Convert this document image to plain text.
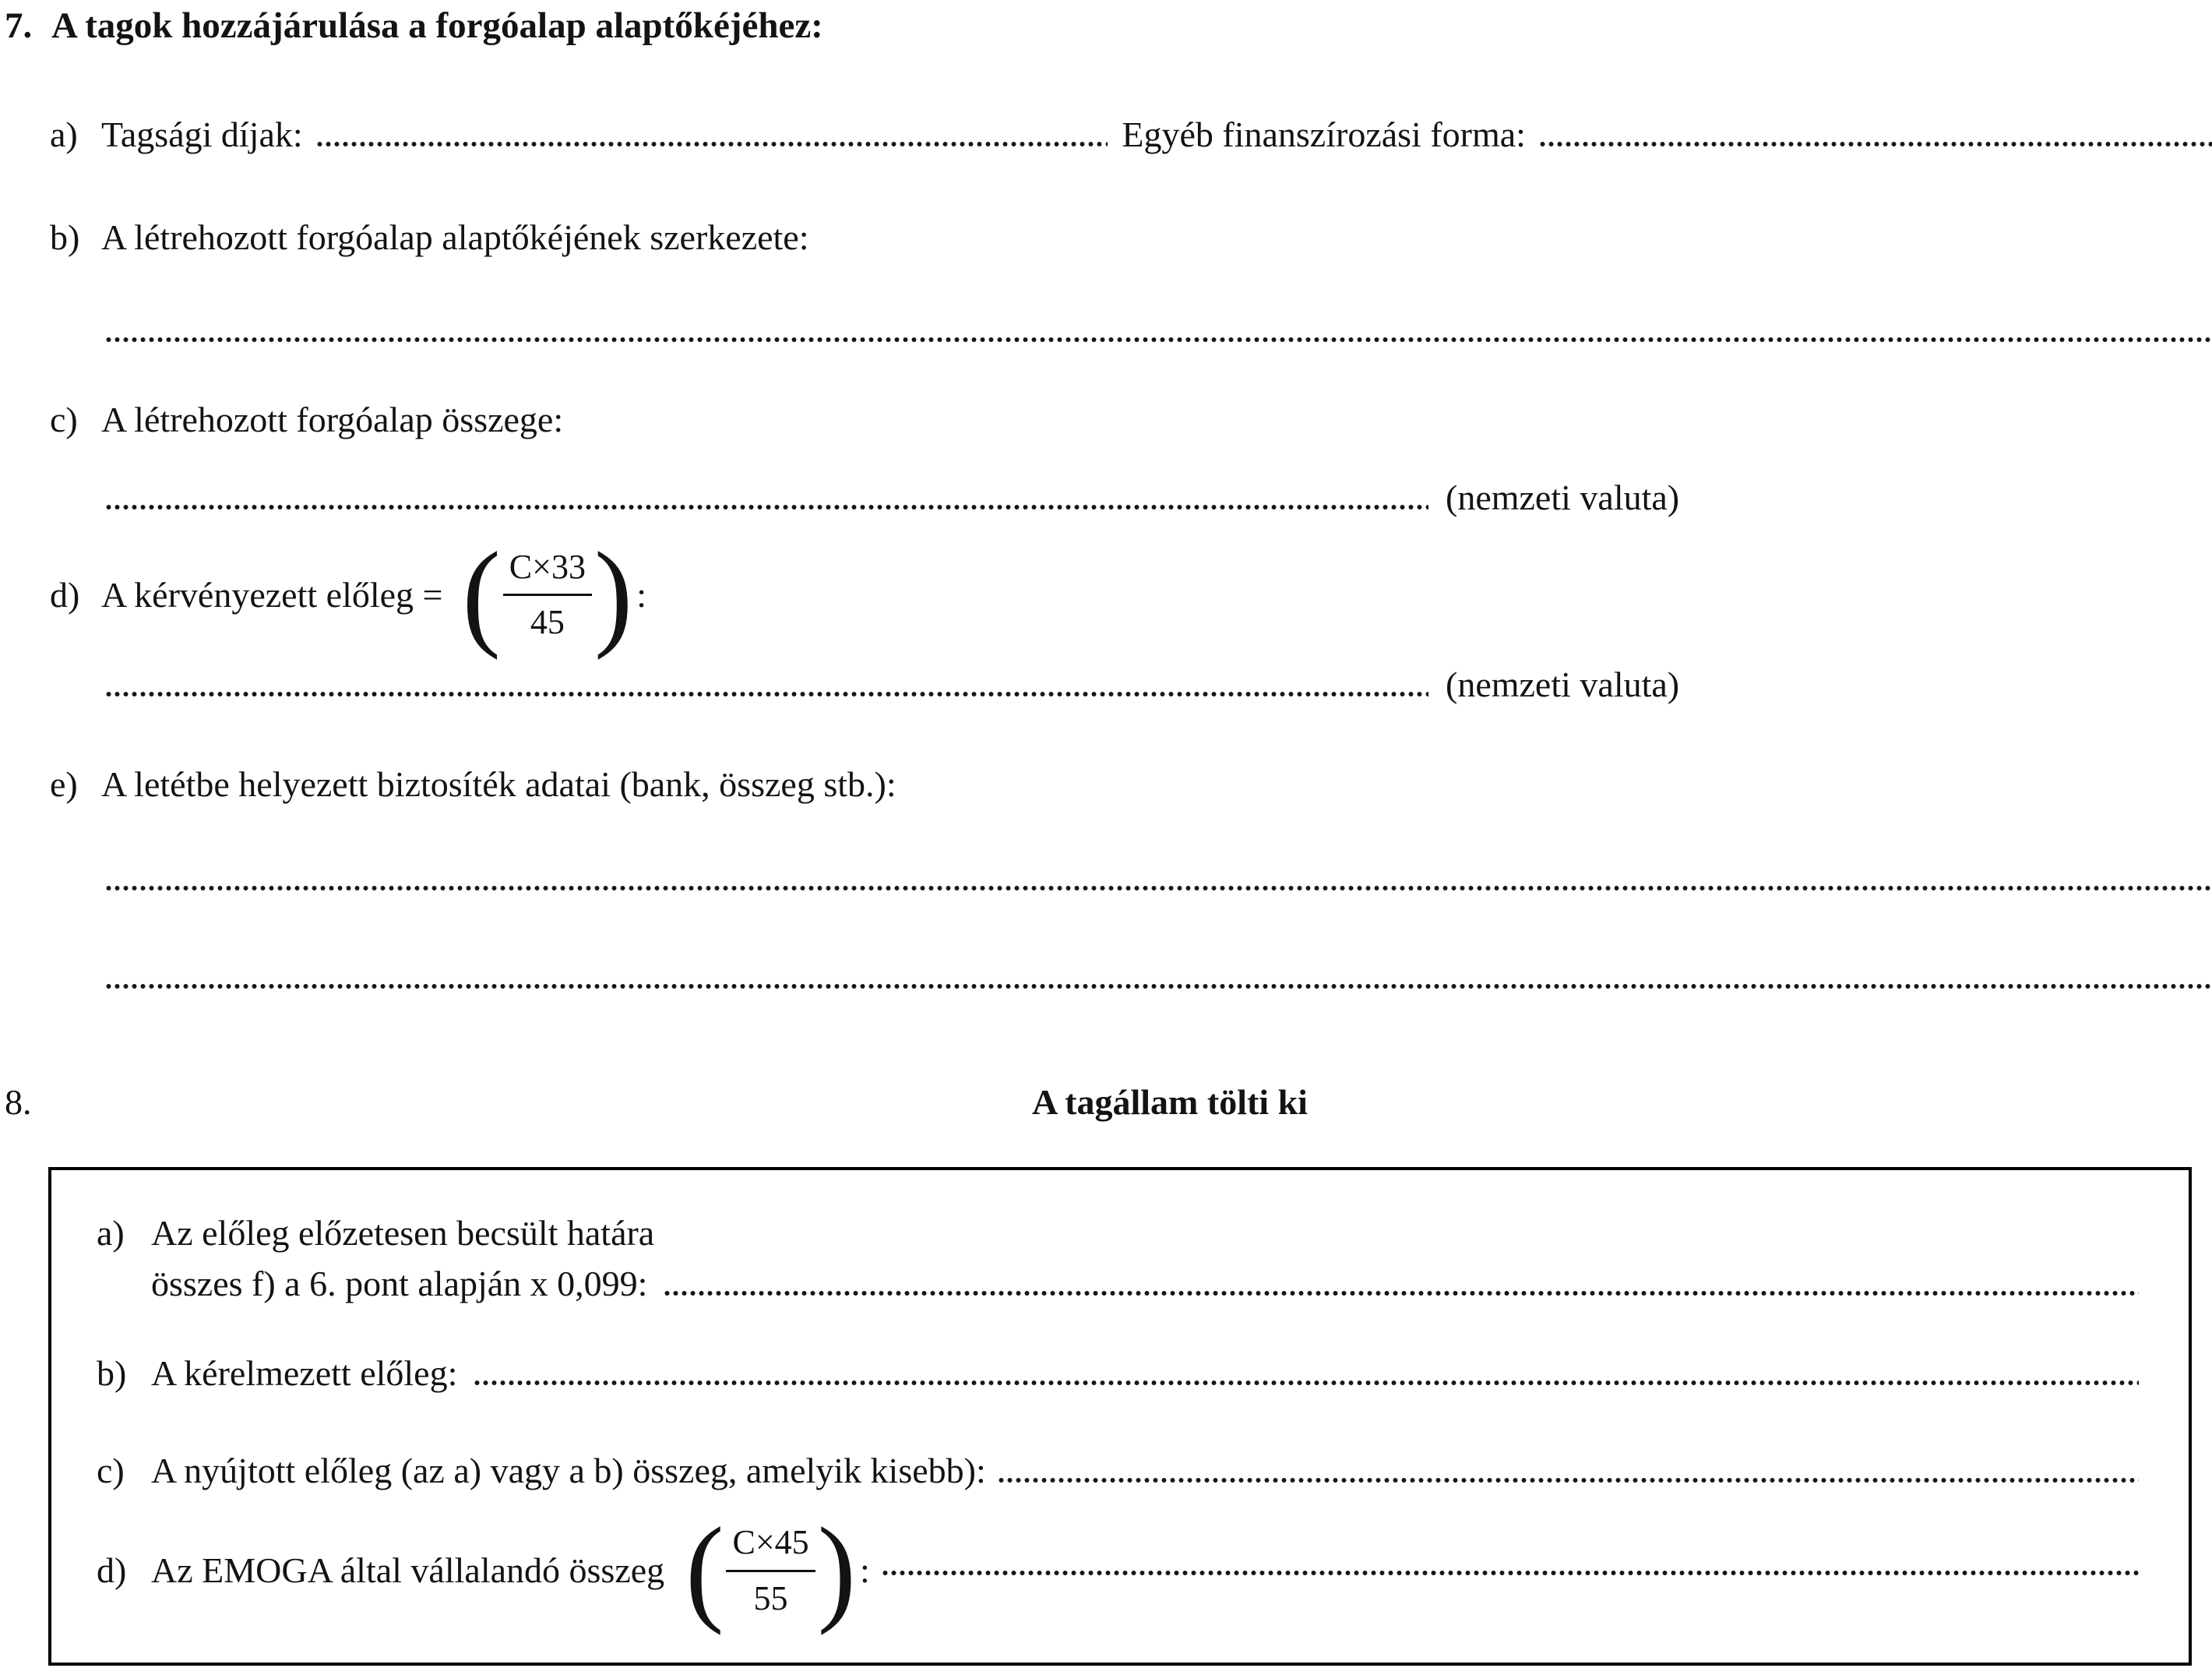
7. A tagok hozzájárulása a forgóalap alaptőkéjéhez:
a) Tagsági díjak:	Egyéb finanszírozási forma:
b) A létrehozott forgóalap alaptőkéjének szerkezete:
c) A létrehozott forgóalap összege:
(nemzeti valuta)
d) A kérvényezett előleg = ( $\frac{C\times 33}{45}$ ) :
(nemzeti valuta)
e) A letétbe helyezett biztosíték adatai (bank, összeg stb.):
8.	A tagállam tölti ki
a) Az előleg előzetesen becsült határa
összes f) a 6. pont alapján x 0,099:
b) A kérelmezett előleg:
c) A nyújtott előleg (az a) vagy a b) összeg, amelyik kisebb):
d) Az EMOGA által vállalandó összeg ( $\frac{C\times 45}{55}$ ) :
